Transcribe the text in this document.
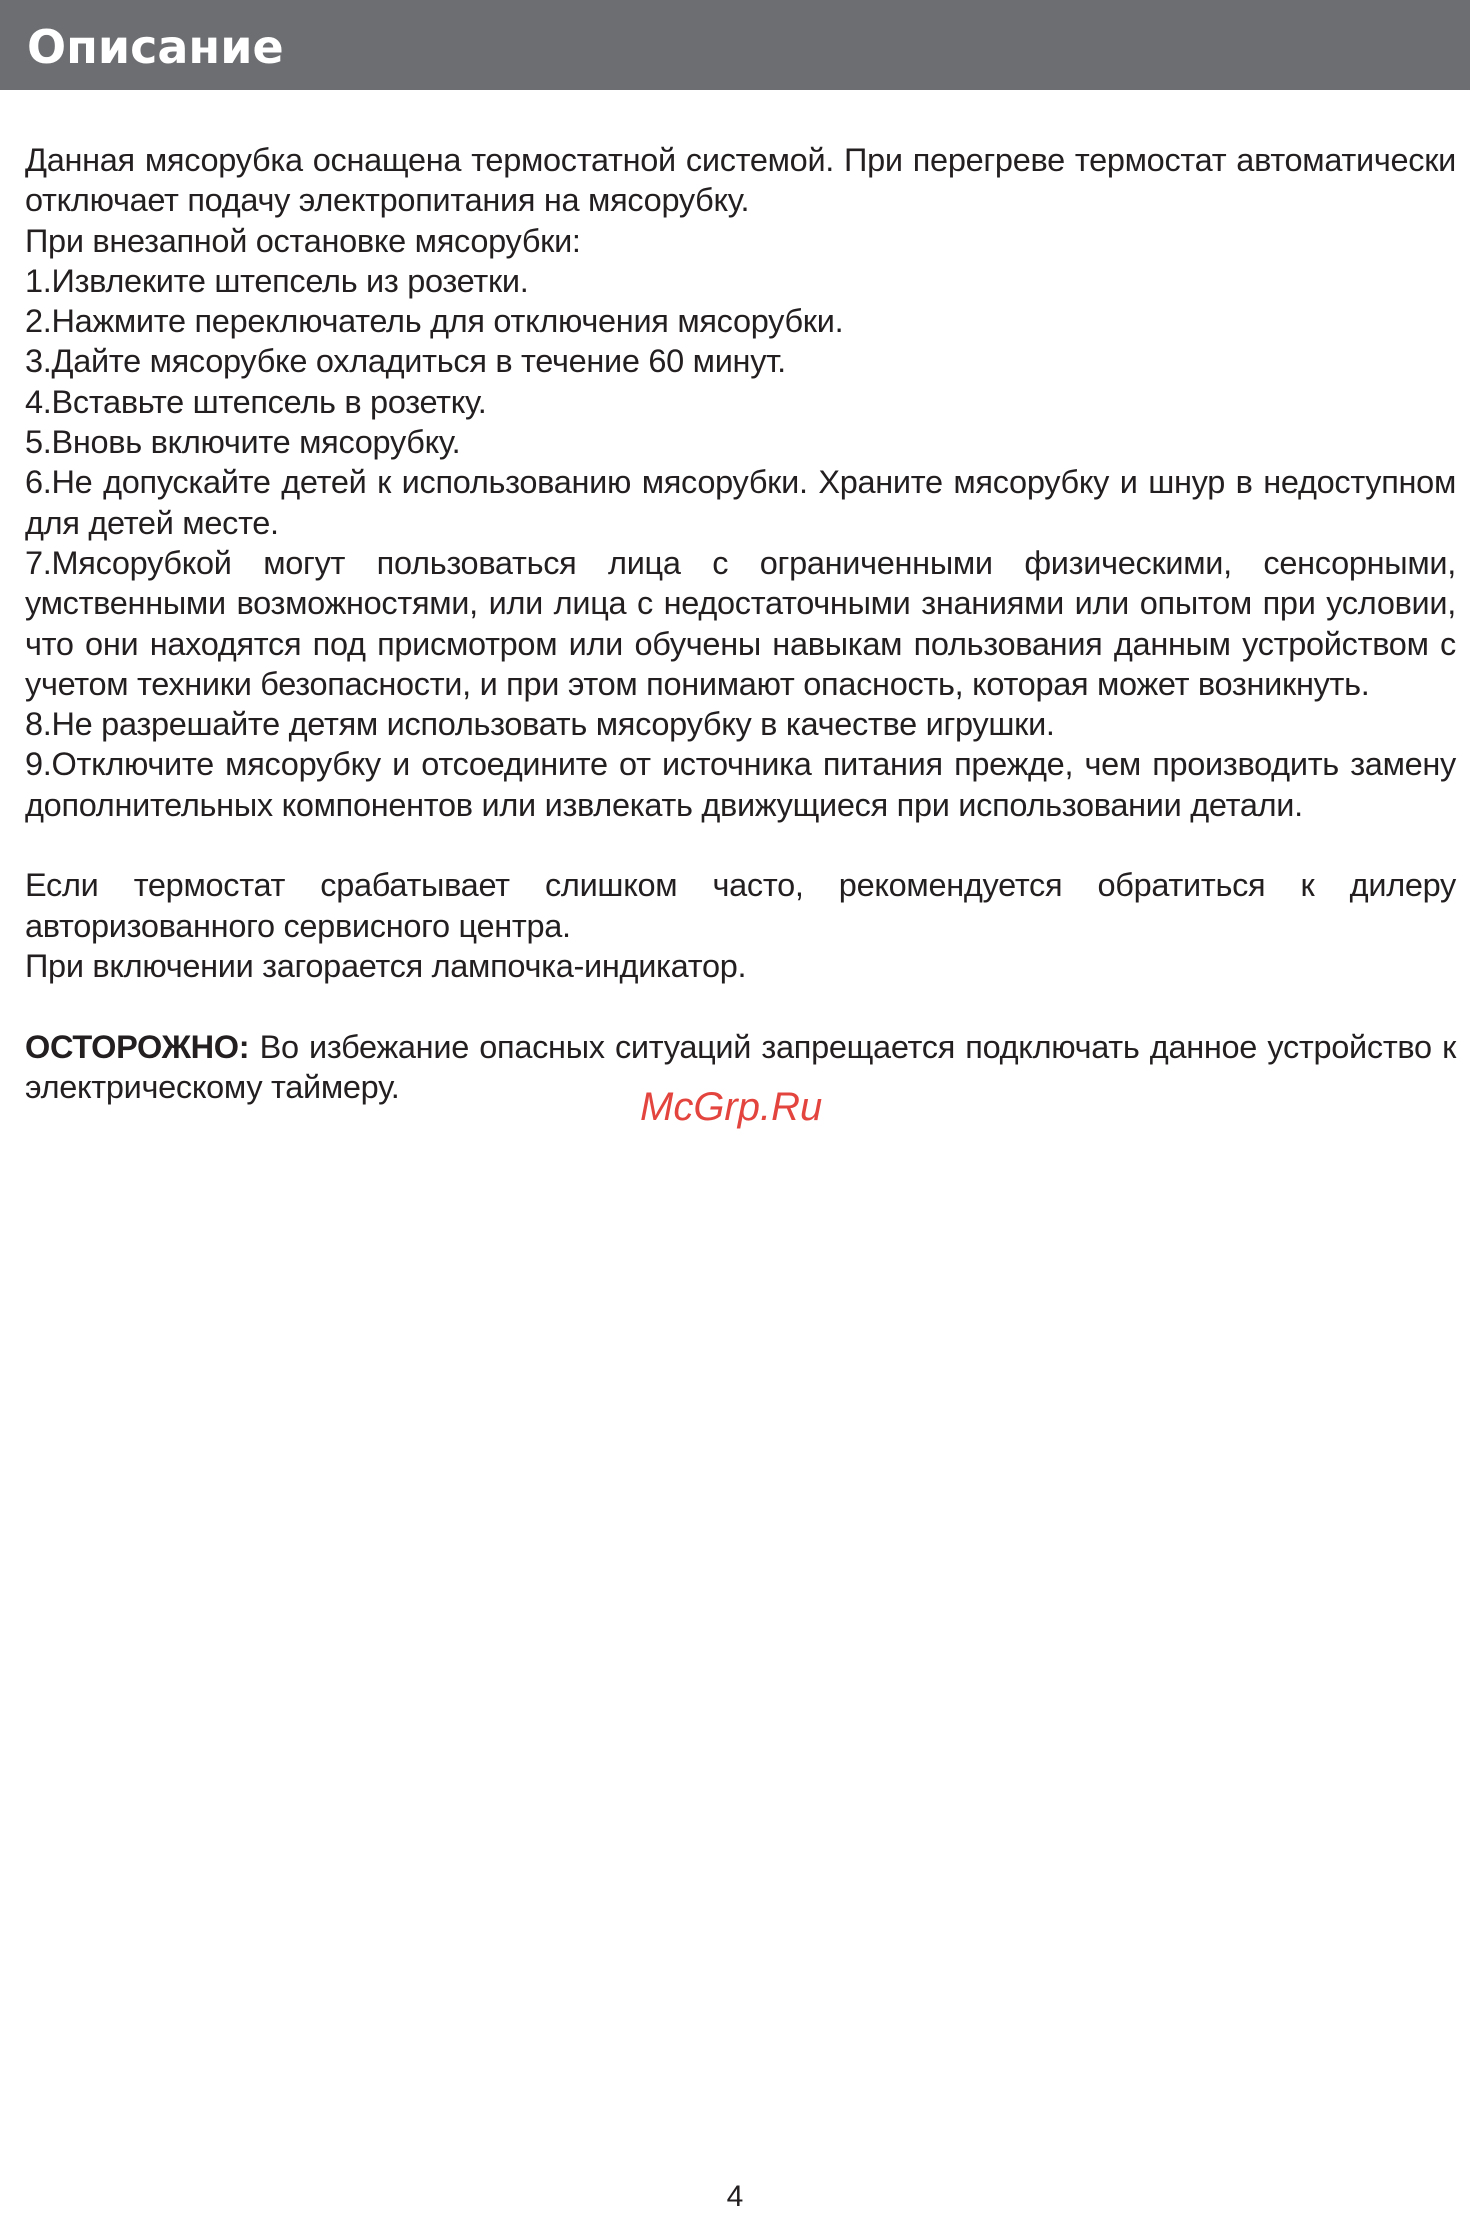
Описание

Данная мясорубка оснащена термостатной системой. При перегреве термостат автоматически отключает подачу электропитания на мясорубку.

При внезапной остановке мясорубки:

1.Извлеките штепсель из розетки.

2.Нажмите переключатель для отключения мясорубки.

3.Дайте мясорубке охладиться в течение 60 минут.

4.Вставьте штепсель в розетку.

5.Вновь включите мясорубку.

6.Не допускайте детей к использованию мясорубки. Храните мясорубку и шнур в недоступном для детей месте.

7.Мясорубкой могут пользоваться лица с ограниченными физическими, сенсорными, умственными возможностями, или лица с недостаточными знаниями или опытом при условии, что они находятся под присмотром или обучены навыкам пользования данным устройством с учетом техники безопасности, и при этом понимают опасность, которая может возникнуть.

8.Не разрешайте детям использовать мясорубку в качестве игрушки.

9.Отключите мясорубку и отсоедините от источника питания прежде, чем производить замену дополнительных компонентов или извлекать движущиеся при использовании детали.

Если термостат срабатывает слишком часто, рекомендуется обратиться к дилеру авторизованного сервисного центра.

При включении загорается лампочка-индикатор.

ОСТОРОЖНО: Во избежание опасных ситуаций запрещается подключать данное устройство к электрическому таймеру.	McGrp.Ru
4
